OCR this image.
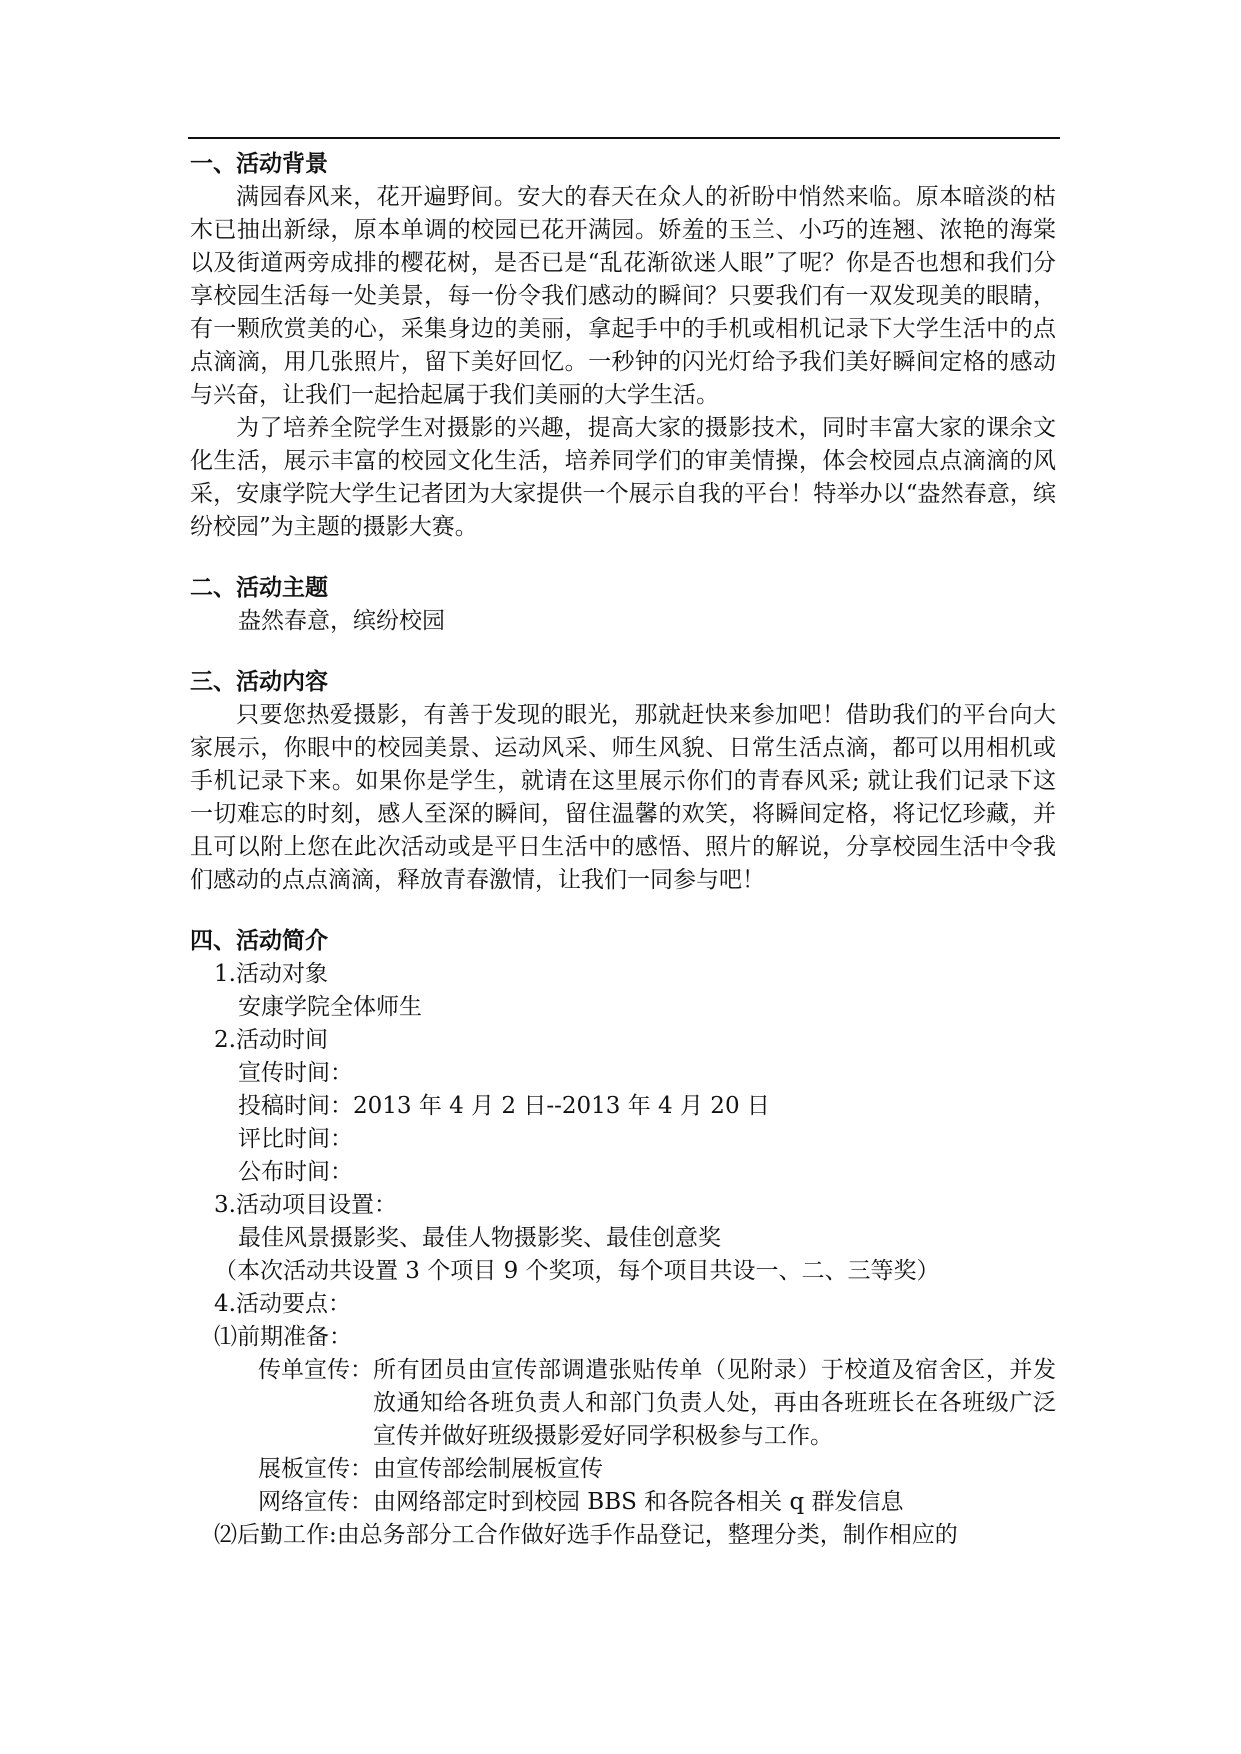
一、活动背景

满园春风来，花开遍野间。安大的春天在众人的祈盼中悄然来临。原本暗淡的枯木已抽出新绿，原本单调的校园已花开满园。娇羞的玉兰、小巧的连翘、浓艳的海棠以及街道两旁成排的樱花树，是否已是“乱花渐欲迷人眼”了呢？你是否也想和我们分享校园生活每一处美景，每一份令我们感动的瞬间？只要我们有一双发现美的眼睛，有一颗欣赏美的心，采集身边的美丽，拿起手中的手机或相机记录下大学生活中的点点滴滴，用几张照片，留下美好回忆。一秒钟的闪光灯给予我们美好瞬间定格的感动与兴奋，让我们一起拾起属于我们美丽的大学生活。

为了培养全院学生对摄影的兴趣，提高大家的摄影技术，同时丰富大家的课余文化生活，展示丰富的校园文化生活，培养同学们的审美情操，体会校园点点滴滴的风采，安康学院大学生记者团为大家提供一个展示自我的平台！特举办以“盎然春意，缤纷校园”为主题的摄影大赛。

二、活动主题

盎然春意，缤纷校园

三、活动内容

只要您热爱摄影，有善于发现的眼光，那就赶快来参加吧！借助我们的平台向大家展示，你眼中的校园美景、运动风采、师生风貌、日常生活点滴，都可以用相机或手机记录下来。如果你是学生，就请在这里展示你们的青春风采; 就让我们记录下这一切难忘的时刻，感人至深的瞬间，留住温馨的欢笑，将瞬间定格，将记忆珍藏，并且可以附上您在此次活动或是平日生活中的感悟、照片的解说，分享校园生活中令我们感动的点点滴滴，释放青春激情，让我们一同参与吧！

四、活动简介

1.活动对象

安康学院全体师生

2.活动时间

宣传时间：

投稿时间：2013 年 4 月 2 日--2013 年 4 月 20 日

评比时间：

公布时间：

3.活动项目设置：

最佳风景摄影奖、最佳人物摄影奖、最佳创意奖

（本次活动共设置 3 个项目 9 个奖项，每个项目共设一、二、三等奖）

4.活动要点：

⑴前期准备：

传单宣传： 所有团员由宣传部调遣张贴传单（见附录）于校道及宿舍区，并发放通知给各班负责人和部门负责人处，再由各班班长在各班级广泛宣传并做好班级摄影爱好同学积极参与工作。
展板宣传： 由宣传部绘制展板宣传
网络宣传： 由网络部定时到校园 BBS 和各院各相关 q 群发信息
⑵后勤工作: 由总务部分工合作做好选手作品登记，整理分类，制作相应的
